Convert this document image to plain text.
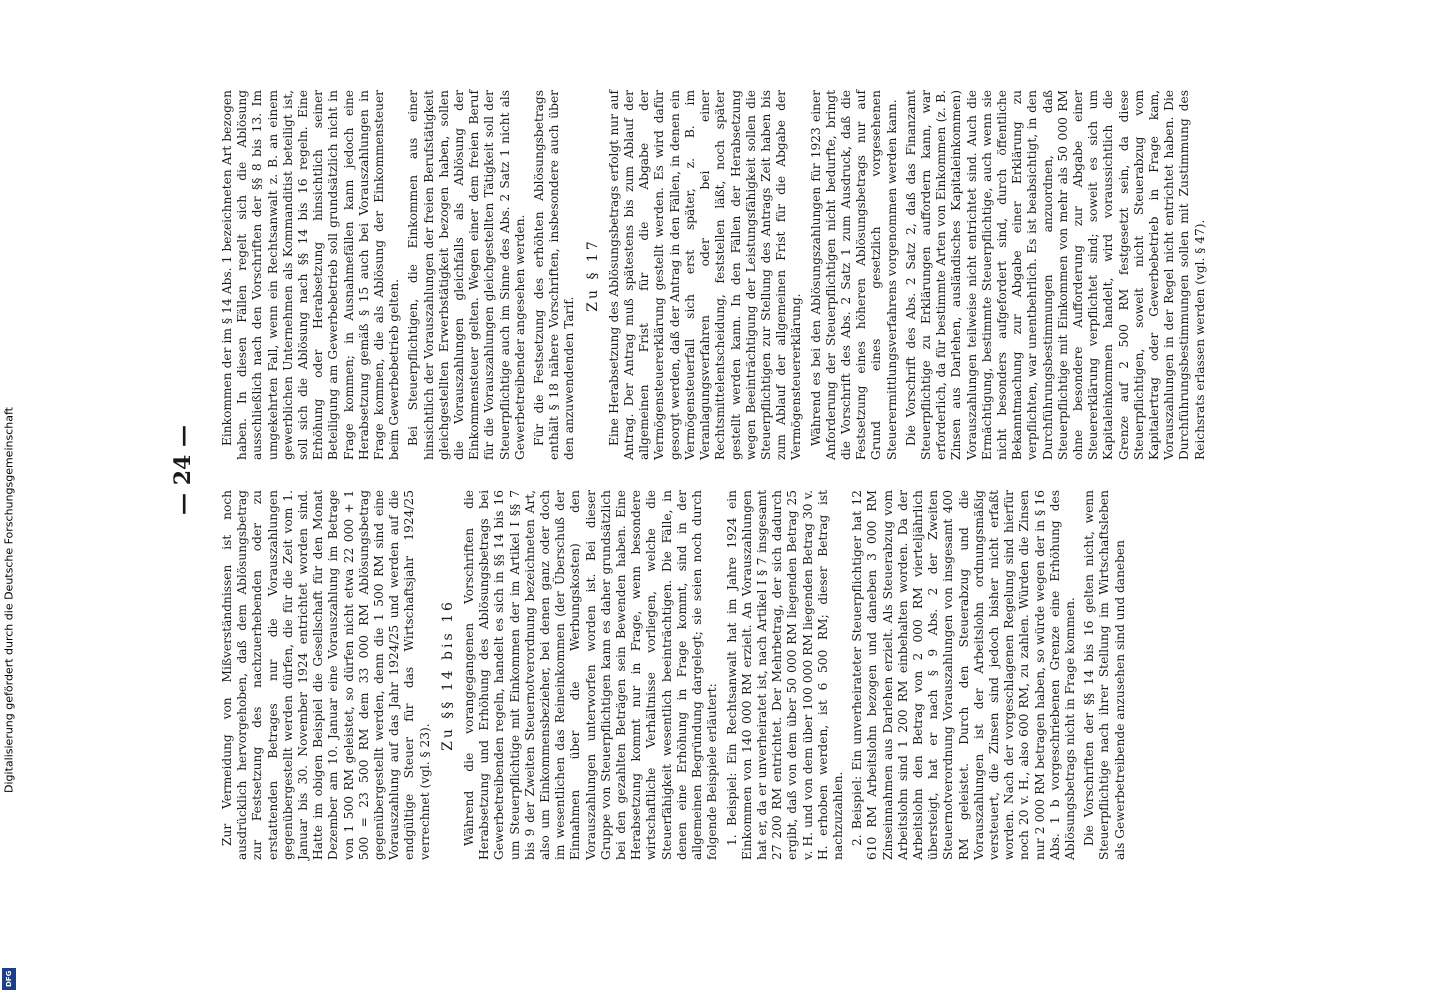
Digitalisierung gefördert durch die Deutsche Forschungsgemeinschaft
DFG
— 24 —

Zur Vermeidung von Mißverständnissen ist noch ausdrücklich hervorgehoben, daß dem Ablösungsbetrag zur Festsetzung des nachzuerhebenden oder zu erstattenden Betrages nur die Vorauszahlungen gegenübergestellt werden dürfen, die für die Zeit vom 1. Januar bis 30. November 1924 entrichtet worden sind. Hatte im obigen Beispiel die Gesellschaft für den Monat Dezember am 10. Januar eine Vorauszahlung im Betrage von 1 500 RM geleistet, so dürfen nicht etwa 22 000 + 1 500 = 23 500 RM dem 33 000 RM Ablösungsbetrag gegenübergestellt werden, denn die 1 500 RM sind eine Vorauszahlung auf das Jahr 1924/25 und werden auf die endgültige Steuer für das Wirtschaftsjahr 1924/25 verrechnet (vgl. § 23).

Zu §§ 14 bis 16 Während die vorangegangenen Vorschriften die Herabsetzung und Erhöhung des Ablösungsbetrags bei Gewerbetreibenden regeln, handelt es sich in §§ 14 bis 16 um Steuerpflichtige mit Einkommen der im Artikel I §§ 7 bis 9 der Zweiten Steuernotverordnung bezeichneten Art, also um Einkommensbezieher, bei denen ganz oder doch im wesentlichen das Reineinkommen (der Überschuß der Einnahmen über die Werbungskosten) den Vorauszahlungen unterworfen worden ist. Bei dieser Gruppe von Steuerpflichtigen kann es daher grundsätzlich bei den gezahlten Beträgen sein Bewenden haben. Eine Herabsetzung kommt nur in Frage, wenn besondere wirtschaftliche Verhältnisse vorliegen, welche die Steuerfähigkeit wesentlich beeinträchtigen. Die Fälle, in denen eine Erhöhung in Frage kommt, sind in der allgemeinen Begründung dargelegt; sie seien noch durch folgende Beispiele erläutert: 1. Beispiel: Ein Rechtsanwalt hat im Jahre 1924 ein Einkommen von 140 000 RM erzielt. An Vorauszahlungen hat er, da er unverheiratet ist, nach Artikel I § 7 insgesamt 27 200 RM entrichtet. Der Mehrbetrag, der sich dadurch ergibt, daß von dem über 50 000 RM liegenden Betrag 25 v. H. und von dem über 100 000 RM liegenden Betrag 30 v. H. erhoben werden, ist 6 500 RM; dieser Betrag ist nachzuzahlen. 2. Beispiel: Ein unverheirateter Steuerpflichtiger hat 12 610 RM Arbeitslohn bezogen und daneben 3 000 RM Zinseinnahmen aus Darlehen erzielt. Als Steuerabzug vom Arbeitslohn sind 1 200 RM einbehalten worden. Da der Arbeitslohn den Betrag von 2 000 RM vierteljährlich übersteigt, hat er nach § 9 Abs. 2 der Zweiten Steuernotverordnung Vorauszahlungen von insgesamt 400 RM geleistet. Durch den Steuerabzug und die Vorauszahlungen ist der Arbeitslohn ordnungsmäßig versteuert, die Zinsen sind jedoch bisher nicht erfaßt worden. Nach der vorgeschlagenen Regelung sind hierfür noch 20 v. H., also 600 RM, zu zahlen. Würden die Zinsen nur 2 000 RM betragen haben, so würde wegen der in § 16 Abs. 1 b vorgeschriebenen Grenze eine Erhöhung des Ablösungsbetrags nicht in Frage kommen. Die Vorschriften der §§ 14 bis 16 gelten nicht, wenn Steuerpflichtige nach ihrer Stellung im Wirtschaftsleben als Gewerbetreibende anzusehen sind und daneben

Einkommen der im § 14 Abs. 1 bezeichneten Art bezogen haben. In diesen Fällen regelt sich die Ablösung ausschließlich nach den Vorschriften der §§ 8 bis 13. Im umgekehrten Fall, wenn ein Rechtsanwalt z. B. an einem gewerblichen Unternehmen als Kommanditist beteiligt ist, soll sich die Ablösung nach §§ 14 bis 16 regeln. Eine Erhöhung oder Herabsetzung hinsichtlich seiner Beteiligung am Gewerbebetrieb soll grundsätzlich nicht in Frage kommen; in Ausnahmefällen kann jedoch eine Herabsetzung gemäß § 15 auch bei Vorauszahlungen in Frage kommen, die als Ablösung der Einkommensteuer beim Gewerbebetrieb gelten. Bei Steuerpflichtigen, die Einkommen aus einer hinsichtlich der Vorauszahlungen der freien Berufstätigkeit gleichgestellten Erwerbstätigkeit bezogen haben, sollen die Vorauszahlungen gleichfalls als Ablösung der Einkommensteuer gelten. Wegen einer dem freien Beruf für die Vorauszahlungen gleichgestellten Tätigkeit soll der Steuerpflichtige auch im Sinne des Abs. 2 Satz 1 nicht als Gewerbetreibender angesehen werden. Für die Festsetzung des erhöhten Ablösungsbetrags enthält § 18 nähere Vorschriften, insbesondere auch über den anzuwendenden Tarif.

Zu § 17 Eine Herabsetzung des Ablösungsbetrags erfolgt nur auf Antrag. Der Antrag muß spätestens bis zum Ablauf der allgemeinen Frist für die Abgabe der Vermögensteuererklärung gestellt werden. Es wird dafür gesorgt werden, daß der Antrag in den Fällen, in denen ein Vermögensteuerfall sich erst später, z. B. im Veranlagungsverfahren oder bei einer Rechtsmittelentscheidung, feststellen läßt, noch später gestellt werden kann. In den Fällen der Herabsetzung wegen Beeinträchtigung der Leistungsfähigkeit sollen die Steuerpflichtigen zur Stellung des Antrags Zeit haben bis zum Ablauf der allgemeinen Frist für die Abgabe der Vermögensteuererklärung. Während es bei den Ablösungszahlungen für 1923 einer Anforderung der Steuerpflichtigen nicht bedurfte, bringt die Vorschrift des Abs. 2 Satz 1 zum Ausdruck, daß die Festsetzung eines höheren Ablösungsbetrags nur auf Grund eines gesetzlich vorgesehenen Steuerermittlungsverfahrens vorgenommen werden kann. Die Vorschrift des Abs. 2 Satz 2, daß das Finanzamt Steuerpflichtige zu Erklärungen auffordern kann, war erforderlich, da für bestimmte Arten von Einkommen (z. B. Zinsen aus Darlehen, ausländisches Kapitaleinkommen) Vorauszahlungen teilweise nicht entrichtet sind. Auch die Ermächtigung, bestimmte Steuerpflichtige, auch wenn sie nicht besonders aufgefordert sind, durch öffentliche Bekanntmachung zur Abgabe einer Erklärung zu verpflichten, war unentbehrlich. Es ist beabsichtigt, in den Durchführungsbestimmungen anzuordnen, daß Steuerpflichtige mit Einkommen von mehr als 50 000 RM ohne besondere Aufforderung zur Abgabe einer Steuererklärung verpflichtet sind; soweit es sich um Kapitaleinkommen handelt, wird voraussichtlich die Grenze auf 2 500 RM festgesetzt sein, da diese Steuerpflichtigen, soweit nicht Steuerabzug vom Kapitalertrag oder Gewerbebetrieb in Frage kam, Vorauszahlungen in der Regel nicht entrichtet haben. Die Durchführungsbestimmungen sollen mit Zustimmung des Reichsrats erlassen werden (vgl. § 47).
